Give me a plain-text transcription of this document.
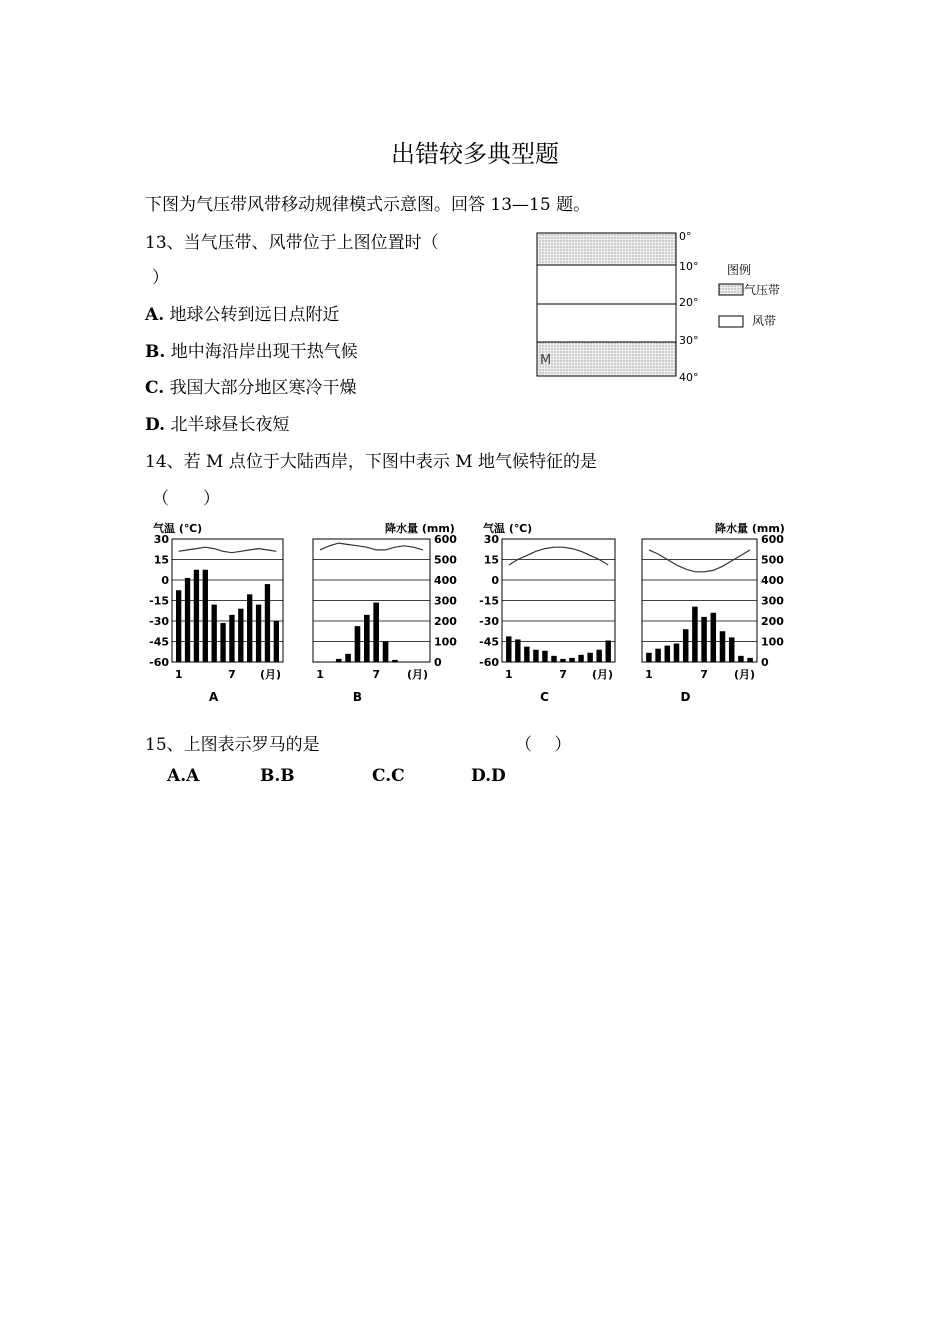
出错较多典型题
下图为气压带风带移动规律模式示意图。回答 13—15 题。
13、当气压带、风带位于上图位置时（
）
A. 地球公转到远日点附近
B. 地中海沿岸出现干热气候
C. 我国大部分地区寒冷干燥
D. 北半球昼长夜短
0°
10°
20°
30°
40°
M
图例
气压带
风带
14、若 M 点位于大陆西岸，下图中表示 M 地气候特征的是
（　　）
气温 (℃)	降水量 (mm)	气温 (℃)	降水量 (mm)
30
15
0
-15
-30
-45
-60
1	7 (月)
A
600
500
400
300
200
100
0
1	7 (月)
B
30
15
0
-15
-30
-45
-60
1	7 (月)
C
600
500
400
300
200
100
0
1	7 (月)
D
15、上图表示罗马的是	（　 ）
A.A	B.B	C.C	D.D
